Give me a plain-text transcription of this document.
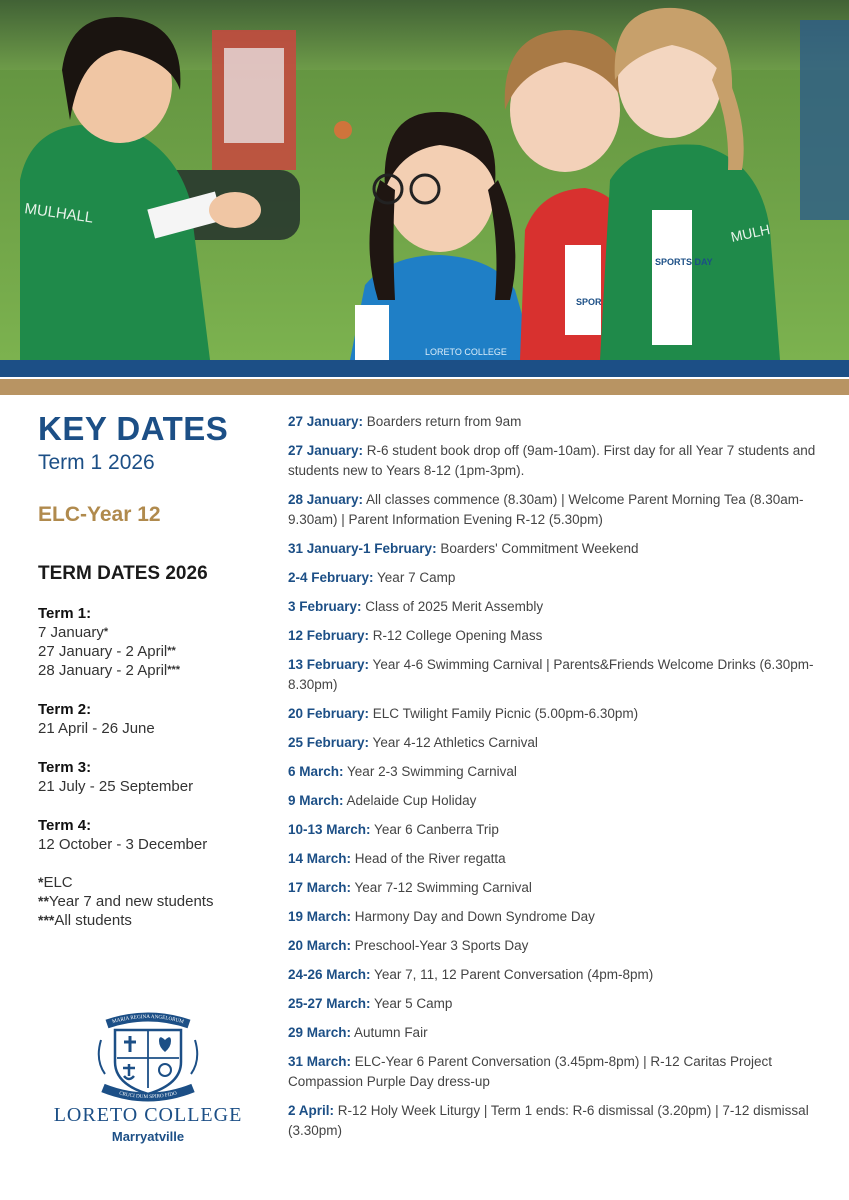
MULHALL
LORETO COLLEGE
SPOR
SPORTS DAY
MULH
KEY DATES
Term 1 2026
ELC-Year 12
TERM DATES 2026
Term 1:
7 January*
27 January - 2 April**
28 January - 2 April***
Term 2:
21 April - 26 June
Term 3:
21 July - 25 September
Term 4:
12 October - 3 December
*ELC
**Year 7 and new students
***All students
MARIA REGINA ANGELORUM
CRUCI DUM SPIRO FIDO
LORETO COLLEGE
Marryatville
27 January: Boarders return from 9am
27 January: R-6 student book drop off (9am-10am). First day for all Year 7 students and students new to Years 8-12 (1pm-3pm).
28 January: All classes commence (8.30am) | Welcome Parent Morning Tea (8.30am-9.30am) | Parent Information Evening R-12 (5.30pm)
31 January-1 February: Boarders' Commitment Weekend
2-4 February: Year 7 Camp
3 February: Class of 2025 Merit Assembly
12 February: R-12 College Opening Mass
13 February: Year 4-6 Swimming Carnival | Parents&Friends Welcome Drinks (6.30pm-8.30pm)
20 February: ELC Twilight Family Picnic (5.00pm-6.30pm)
25 February: Year 4-12 Athletics Carnival
6 March: Year 2-3 Swimming Carnival
9 March: Adelaide Cup Holiday
10-13 March: Year 6 Canberra Trip
14 March: Head of the River regatta
17 March: Year 7-12 Swimming Carnival
19 March: Harmony Day and Down Syndrome Day
20 March: Preschool-Year 3 Sports Day
24-26 March: Year 7, 11, 12 Parent Conversation (4pm-8pm)
25-27 March: Year 5 Camp
29 March: Autumn Fair
31 March: ELC-Year 6 Parent Conversation (3.45pm-8pm) | R-12 Caritas Project Compassion Purple Day dress-up
2 April: R-12 Holy Week Liturgy | Term 1 ends: R-6 dismissal (3.20pm) | 7-12 dismissal (3.30pm)
